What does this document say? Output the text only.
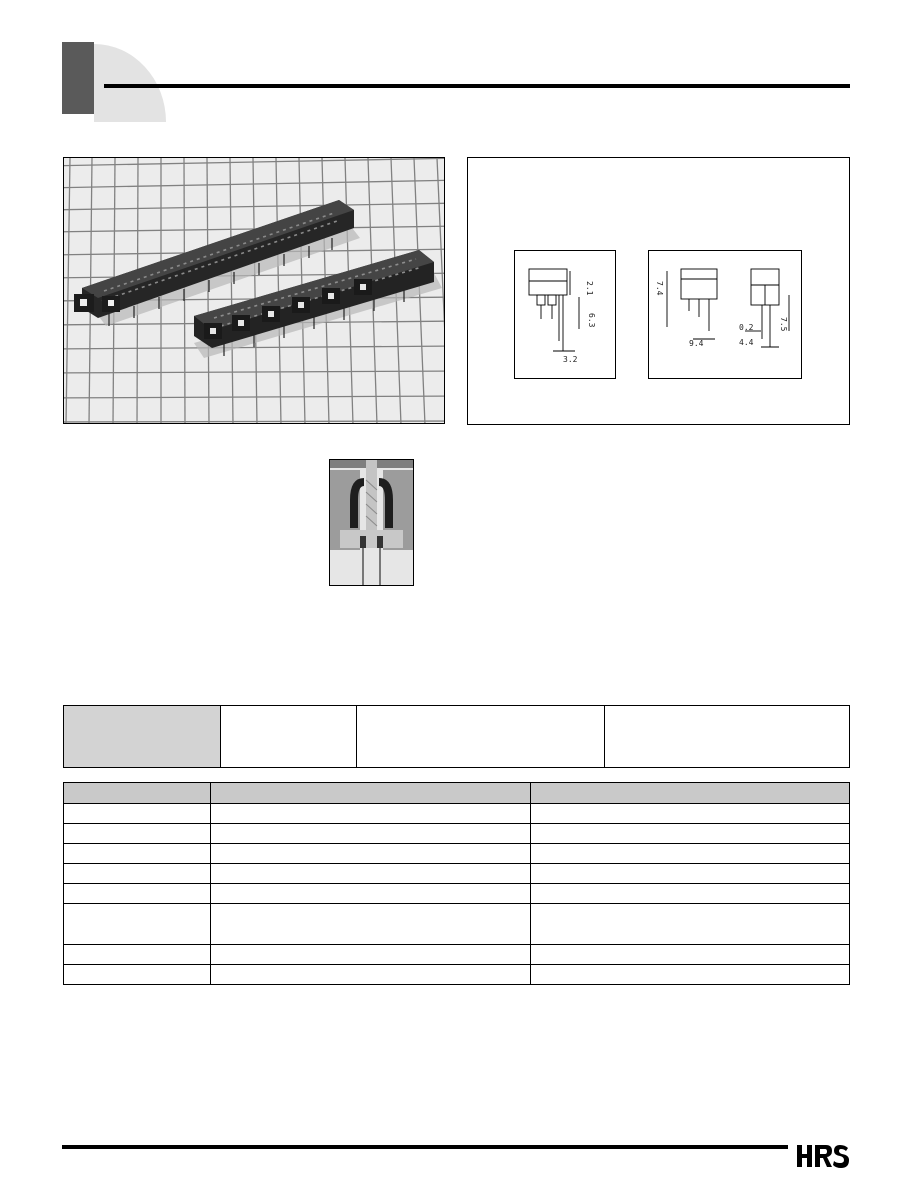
2.1
6.3
3.2
7.4
9.4
0.2
4.4
7.5
